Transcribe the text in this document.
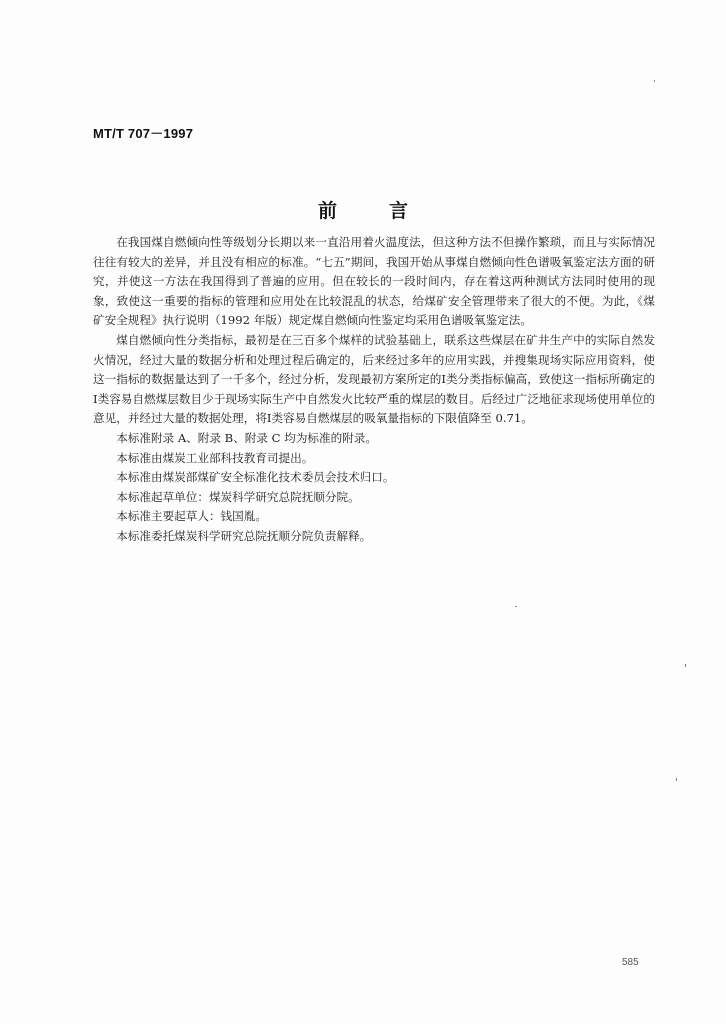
MT/T 707－1997
前	言

在我国煤自燃倾向性等级划分长期以来一直沿用着火温度法，但这种方法不但操作繁琐，而且与实际情况往往有较大的差异，并且没有相应的标准。“七五”期间，我国开始从事煤自燃倾向性色谱吸氧鉴定法方面的研究，并使这一方法在我国得到了普遍的应用。但在较长的一段时间内，存在着这两种测试方法同时使用的现象，致使这一重要的指标的管理和应用处在比较混乱的状态，给煤矿安全管理带来了很大的不便。为此，《煤矿安全规程》执行说明（1992 年版）规定煤自燃倾向性鉴定均采用色谱吸氧鉴定法。

煤自燃倾向性分类指标，最初是在三百多个煤样的试验基础上，联系这些煤层在矿井生产中的实际自然发火情况，经过大量的数据分析和处理过程后确定的，后来经过多年的应用实践，并搜集现场实际应用资料，使这一指标的数据量达到了一千多个，经过分析，发现最初方案所定的Ⅰ类分类指标偏高，致使这一指标所确定的Ⅰ类容易自燃煤层数目少于现场实际生产中自然发火比较严重的煤层的数目。后经过广泛地征求现场使用单位的意见，并经过大量的数据处理，将Ⅰ类容易自燃煤层的吸氧量指标的下限值降至 0.71。

本标准附录 A、附录 B、附录 C 均为标准的附录。

本标准由煤炭工业部科技教育司提出。

本标准由煤炭部煤矿安全标准化技术委员会技术归口。

本标准起草单位：煤炭科学研究总院抚顺分院。

本标准主要起草人：钱国胤。

本标准委托煤炭科学研究总院抚顺分院负责解释。

585
